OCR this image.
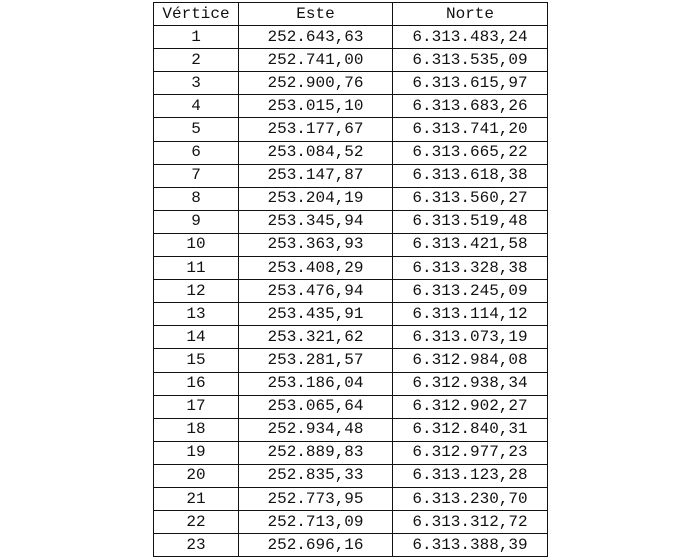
Vértice	Este	Norte
1	252.643,63	6.313.483,24
2	252.741,00	6.313.535,09
3	252.900,76	6.313.615,97
4	253.015,10	6.313.683,26
5	253.177,67	6.313.741,20
6	253.084,52	6.313.665,22
7	253.147,87	6.313.618,38
8	253.204,19	6.313.560,27
9	253.345,94	6.313.519,48
10	253.363,93	6.313.421,58
11	253.408,29	6.313.328,38
12	253.476,94	6.313.245,09
13	253.435,91	6.313.114,12
14	253.321,62	6.313.073,19
15	253.281,57	6.312.984,08
16	253.186,04	6.312.938,34
17	253.065,64	6.312.902,27
18	252.934,48	6.312.840,31
19	252.889,83	6.312.977,23
20	252.835,33	6.313.123,28
21	252.773,95	6.313.230,70
22	252.713,09	6.313.312,72
23	252.696,16	6.313.388,39
